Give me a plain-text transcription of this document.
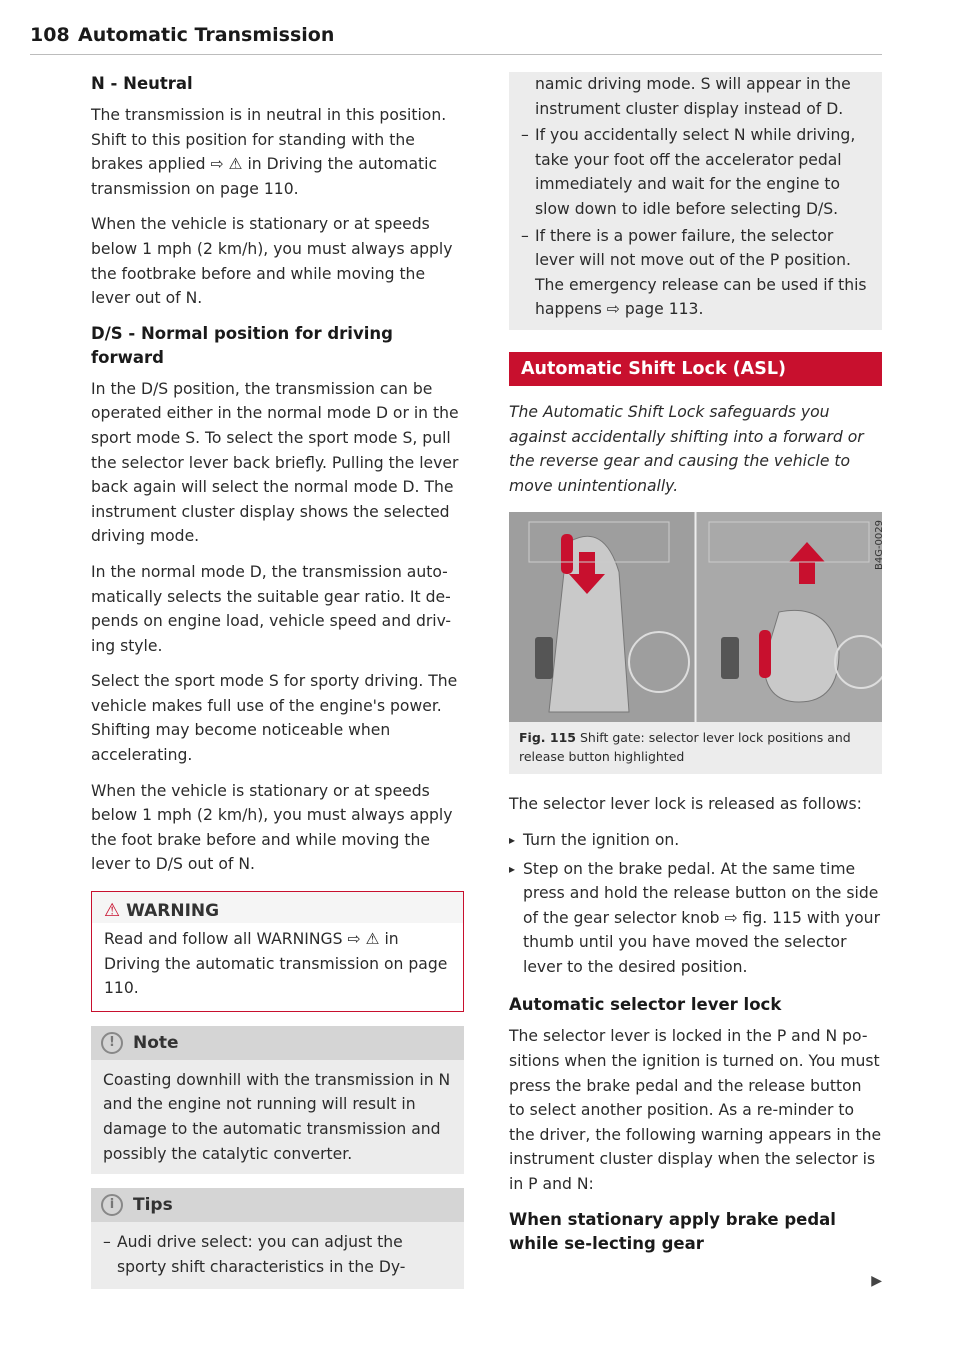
108 Automatic Transmission
N - Neutral

The transmission is in neutral in this position. Shift to this position for standing with the brakes applied ⇨ ⚠ in Driving the automatic transmission on page 110.

When the vehicle is stationary or at speeds below 1 mph (2 km/h), you must always apply the footbrake before and while moving the lever out of N.

D/S - Normal position for driving forward

In the D/S position, the transmission can be operated either in the normal mode D or in the sport mode S. To select the sport mode S, pull the selector lever back briefly. Pulling the lever back again will select the normal mode D. The instrument cluster display shows the selected driving mode.

In the normal mode D, the transmission auto-matically selects the suitable gear ratio. It de-pends on engine load, vehicle speed and driv-ing style.

Select the sport mode S for sporty driving. The vehicle makes full use of the engine's power. Shifting may become noticeable when accelerating.

When the vehicle is stationary or at speeds below 1 mph (2 km/h), you must always apply the foot brake before and while moving the lever to D/S out of N.

⚠ WARNING
Read and follow all WARNINGS ⇨ ⚠ in Driving the automatic transmission on page 110.
! Note
Coasting downhill with the transmission in N and the engine not running will result in damage to the automatic transmission and possibly the catalytic converter.
i Tips
– Audi drive select: you can adjust the sporty shift characteristics in the Dy-
namic driving mode. S will appear in the instrument cluster display instead of D.
– If you accidentally select N while driving, take your foot off the accelerator pedal immediately and wait for the engine to slow down to idle before selecting D/S.
– If there is a power failure, the selector lever will not move out of the P position. The emergency release can be used if this happens ⇨ page 113.
Automatic Shift Lock (ASL)

The Automatic Shift Lock safeguards you against accidentally shifting into a forward or the reverse gear and causing the vehicle to move unintentionally.

B4G-0029
Fig. 115 Shift gate: selector lever lock positions and release button highlighted

The selector lever lock is released as follows:

▸ Turn the ignition on.
▸ Step on the brake pedal. At the same time press and hold the release button on the side of the gear selector knob ⇨ fig. 115 with your thumb until you have moved the selector lever to the desired position.
Automatic selector lever lock

The selector lever is locked in the P and N po-sitions when the ignition is turned on. You must press the brake pedal and the release button to select another position. As a re-minder to the driver, the following warning appears in the instrument cluster display when the selector is in P and N:

When stationary apply brake pedal while se-lecting gear
▶
